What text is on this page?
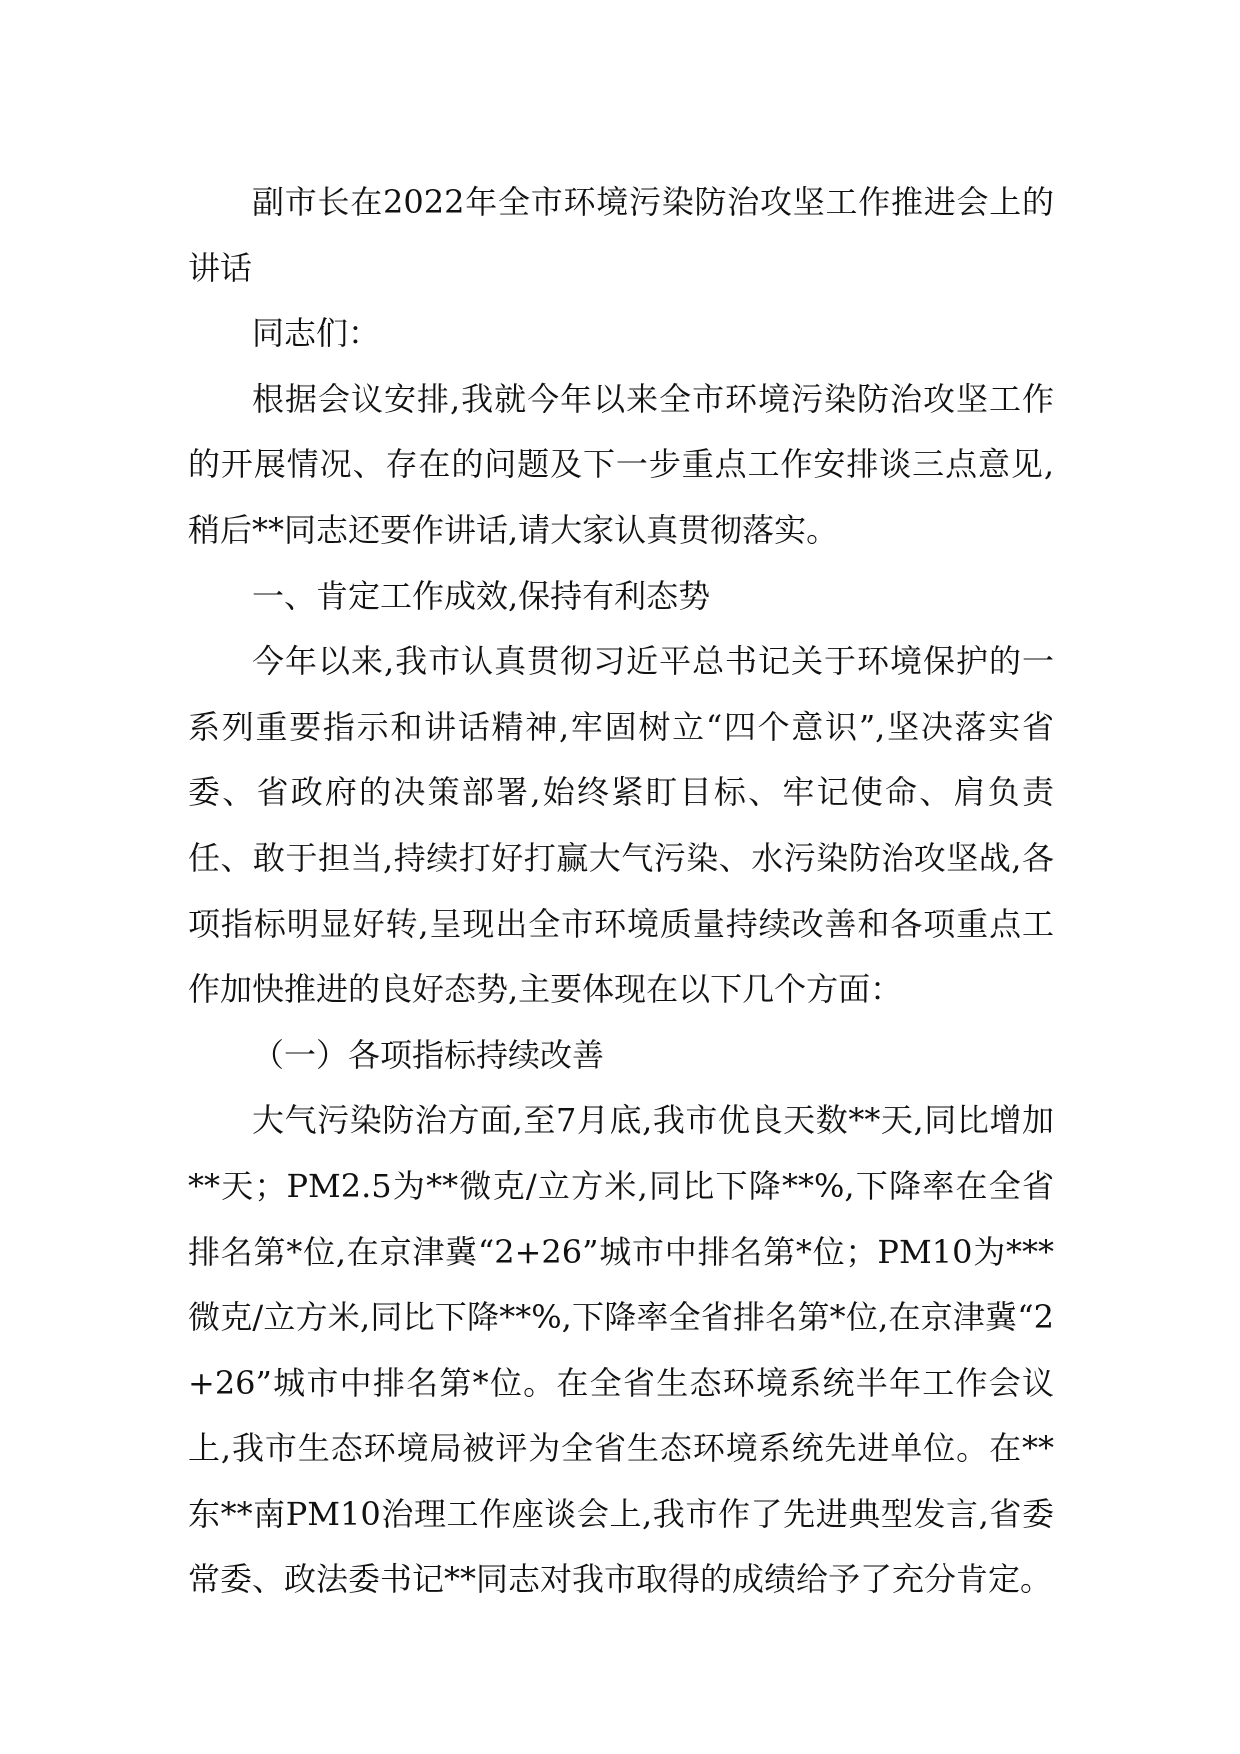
副市长在2022年全市环境污染防治攻坚工作推进会上的讲话

同志们：

根据会议安排,我就今年以来全市环境污染防治攻坚工作的开展情况、存在的问题及下一步重点工作安排谈三点意见,稍后**同志还要作讲话,请大家认真贯彻落实。

一、肯定工作成效,保持有利态势

今年以来,我市认真贯彻习近平总书记关于环境保护的一系列重要指示和讲话精神,牢固树立“四个意识”,坚决落实省委、省政府的决策部署,始终紧盯目标、牢记使命、肩负责任、敢于担当,持续打好打赢大气污染、水污染防治攻坚战,各项指标明显好转,呈现出全市环境质量持续改善和各项重点工作加快推进的良好态势,主要体现在以下几个方面：

（一）各项指标持续改善

大气污染防治方面,至7月底,我市优良天数**天,同比增加**天；PM2.5为**微克/立方米,同比下降**%,下降率在全省排名第*位,在京津冀“2+26”城市中排名第*位；PM10为***微克/立方米,同比下降**%,下降率全省排名第*位,在京津冀“2+26”城市中排名第*位。在全省生态环境系统半年工作会议上,我市生态环境局被评为全省生态环境系统先进单位。在**东**南PM10治理工作座谈会上,我市作了先进典型发言,省委常委、政法委书记**同志对我市取得的成绩给予了充分肯定。
